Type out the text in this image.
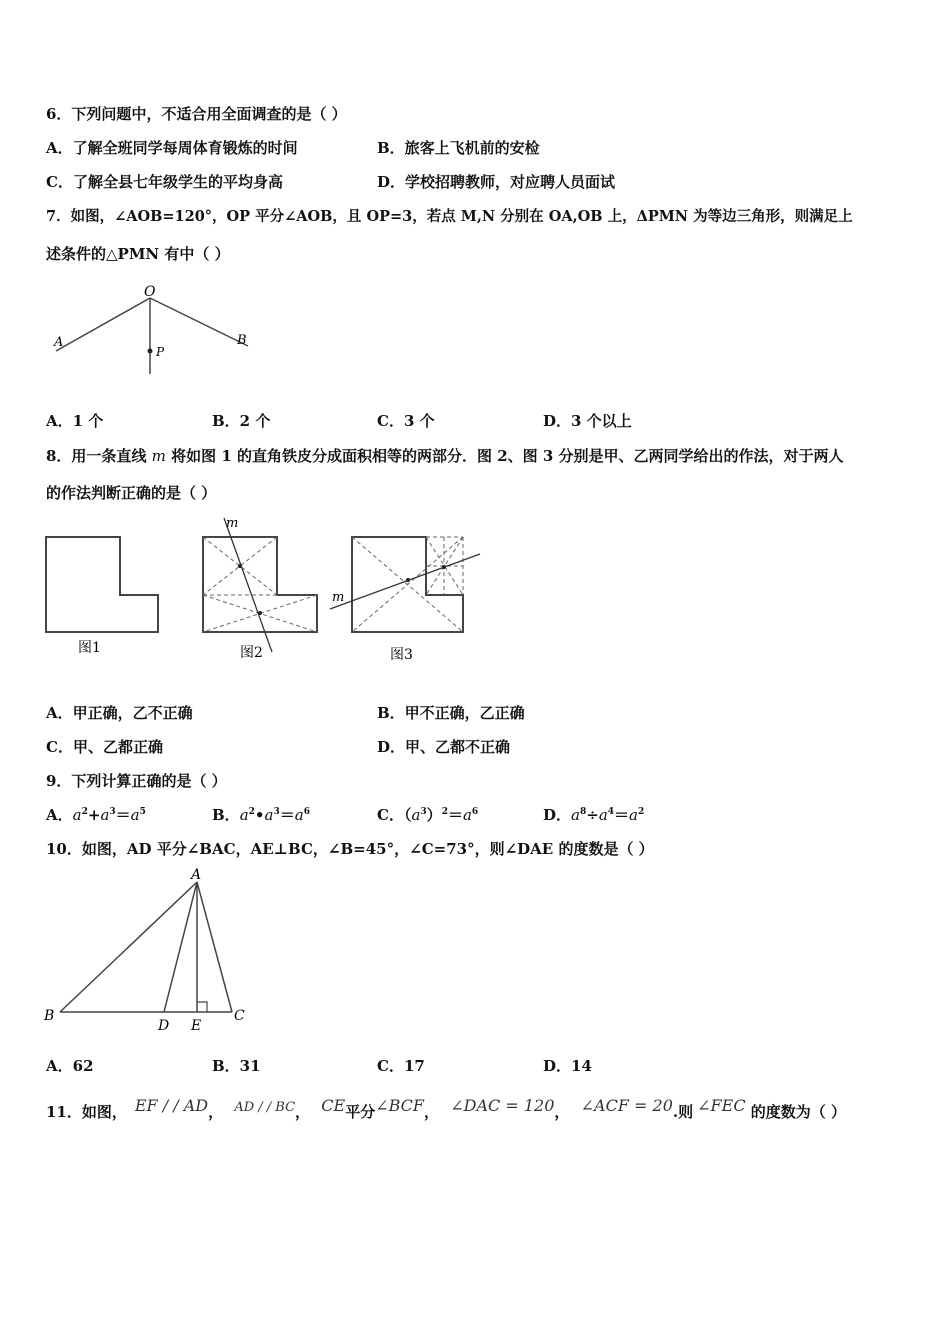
6．下列问题中，不适合用全面调查的是（ ）
A．了解全班同学每周体育锻炼的时间	B．旅客上飞机前的安检
C．了解全县七年级学生的平均身高	D．学校招聘教师，对应聘人员面试
7．如图，∠AOB=120°，OP 平分∠AOB，且 OP=3，若点 M,N 分别在 OA,OB 上，ΔPMN 为等边三角形，则满足上
述条件的△PMN 有中（ ）
O
A	B
P
A．1 个	B．2 个	C．3 个	D．3 个以上
8．用一条直线 m 将如图 1 的直角铁皮分成面积相等的两部分．图 2、图 3 分别是甲、乙两同学给出的作法，对于两人
的作法判断正确的是（ ）
图1
m
图2
m
图3
A．甲正确，乙不正确	B．甲不正确，乙正确
C．甲、乙都正确	D．甲、乙都不正确
9．下列计算正确的是（ ）
A．$a^2+a^3=a^5$	B．$a^2•a^3=a^6$	C．$(a^3)^2=a^6$	D．$a^8\div a^4=a^2$
10．如图，AD 平分∠BAC，AE⊥BC，∠B=45°，∠C=73°，则∠DAE 的度数是（ ）
A
B	C
D E
A．62	B．31	C．17	D．14
11．如图， EF / / AD， AD / / BC， CE平分∠BCF， ∠DAC = 120， ∠ACF = 20.则 ∠FEC 的度数为（ ）
